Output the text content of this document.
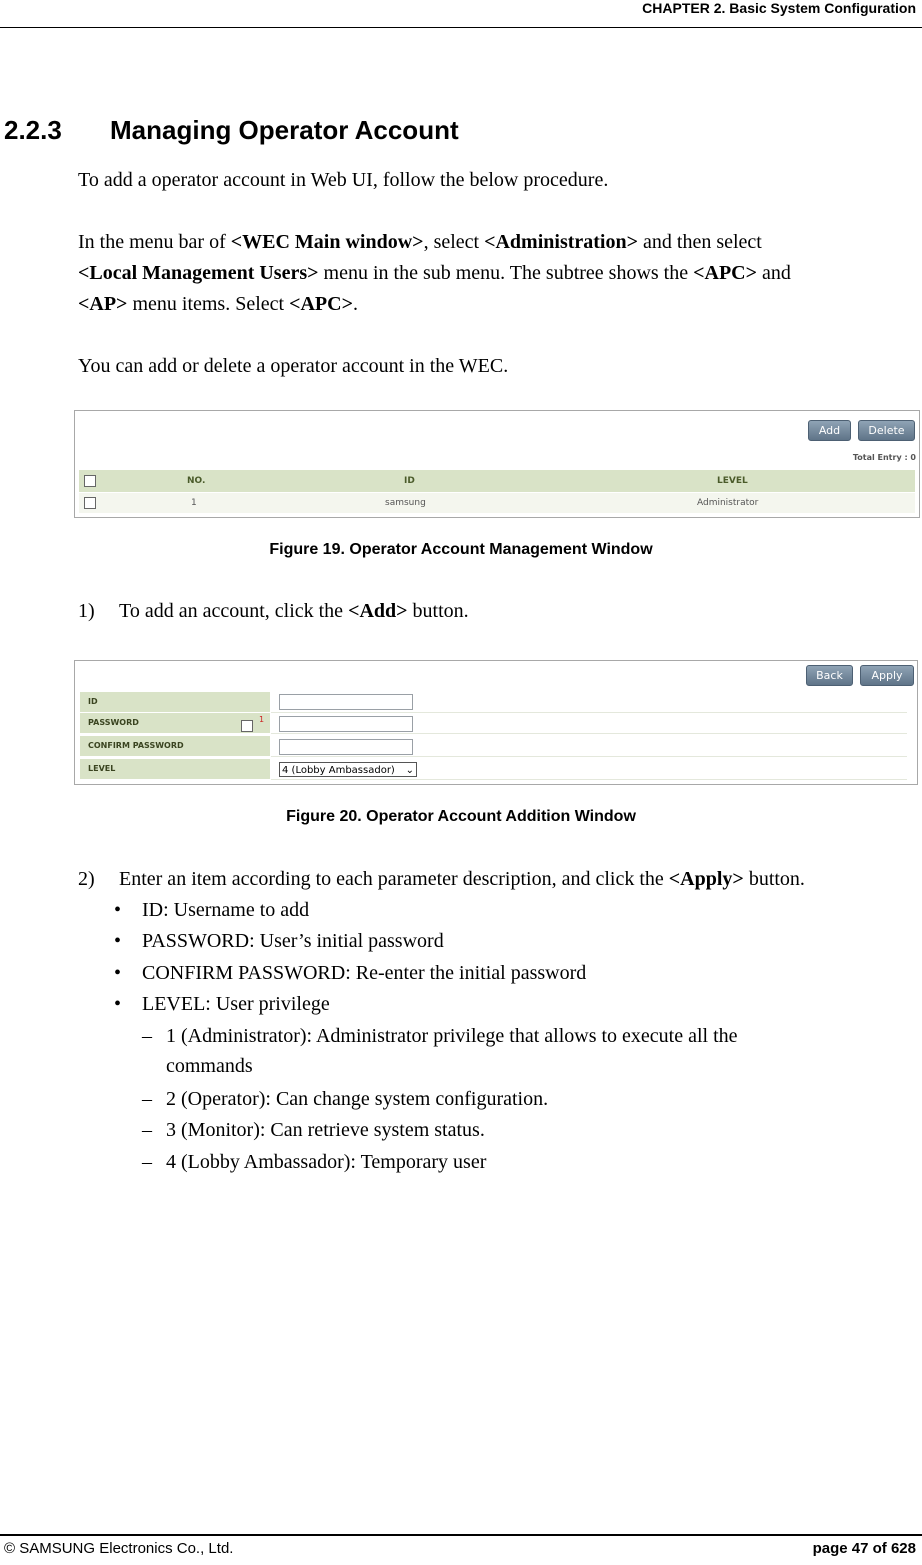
CHAPTER 2. Basic System Configuration
2.2.3 Managing Operator Account
To add a operator account in Web UI, follow the below procedure.
In the menu bar of <WEC Main window>, select <Administration> and then select
<Local Management Users> menu in the sub menu. The subtree shows the <APC> and
<AP> menu items. Select <APC>.
You can add or delete a operator account in the WEC.
Add	Delete
Total Entry : 0
NO.	ID	LEVEL
1	samsung	Administrator
Figure 19. Operator Account Management Window
1) To add an account, click the <Add> button.
Back	Apply
ID
PASSWORD	1
CONFIRM PASSWORD
LEVEL	4 (Lobby Ambassador) ⌄
Figure 20. Operator Account Addition Window
2) Enter an item according to each parameter description, and click the <Apply> button.
• ID: Username to add
• PASSWORD: User’s initial password
• CONFIRM PASSWORD: Re-enter the initial password
• LEVEL: User privilege
– 1 (Administrator): Administrator privilege that allows to execute all the
commands
– 2 (Operator): Can change system configuration.
– 3 (Monitor): Can retrieve system status.
– 4 (Lobby Ambassador): Temporary user
© SAMSUNG Electronics Co., Ltd.	page 47 of 628
